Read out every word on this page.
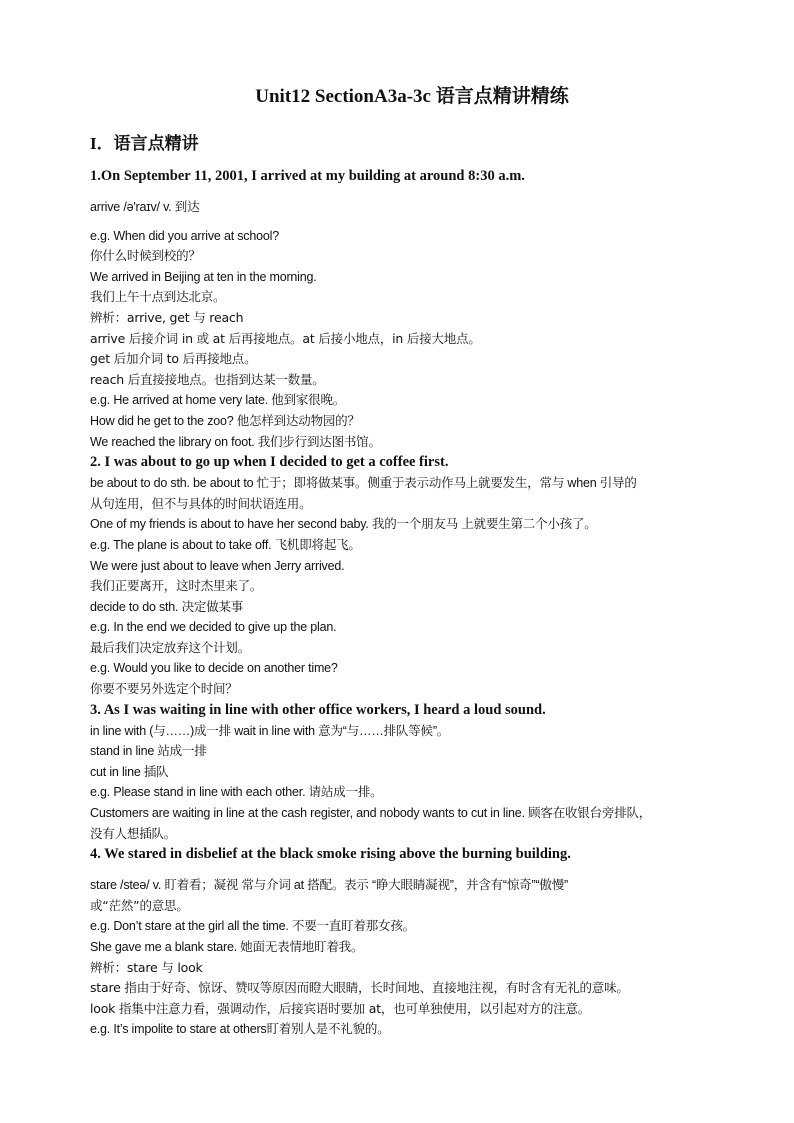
Unit12 SectionA3a-3c 语言点精讲精练
I．语言点精讲

1.On September 11, 2001, I arrived at my building at around 8:30 a.m.

arrive /ə'raɪv/ v. 到达

e.g. When did you arrive at school?

你什么时候到校的？

We arrived in Beijing at ten in the morning.

我们上午十点到达北京。

辨析：arrive, get 与 reach

arrive 后接介词 in 或 at 后再接地点。at 后接小地点，in 后接大地点。

get 后加介词 to 后再接地点。

reach 后直接接地点。也指到达某一数量。

e.g. He arrived at home very late. 他到家很晚。

How did he get to the zoo? 他怎样到达动物园的？

We reached the library on foot. 我们步行到达图书馆。

2. I was about to go up when I decided to get a coffee first.

be about to do sth. be about to 忙于；即将做某事。侧重于表示动作马上就要发生，常与 when 引导的

从句连用，但不与具体的时间状语连用。

One of my friends is about to have her second baby. 我的一个朋友马 上就要生第二个小孩了。

e.g. The plane is about to take off. 飞机即将起飞。

We were just about to leave when Jerry arrived.

我们正要离开，这时杰里来了。

decide to do sth. 决定做某事

e.g. In the end we decided to give up the plan.

最后我们决定放弃这个计划。

e.g. Would you like to decide on another time?

你要不要另外选定个时间？

3. As I was waiting in line with other office workers, I heard a loud sound.

in line with (与……)成一排 wait in line with 意为“与……排队等候”。

stand in line 站成一排

cut in line 插队

e.g. Please stand in line with each other. 请站成一排。

Customers are waiting in line at the cash register, and nobody wants to cut in line. 顾客在收银台旁排队，

没有人想插队。

4. We stared in disbelief at the black smoke rising above the burning building.

stare /steə/ v. 盯着看；凝视 常与介词 at 搭配。表示 “睁大眼睛凝视”，并含有“惊奇”“傲慢”

或“茫然”的意思。

e.g. Don’t stare at the girl all the time. 不要一直盯着那女孩。

She gave me a blank stare. 她面无表情地盯着我。

辨析：stare 与 look

stare 指由于好奇、惊讶、赞叹等原因而瞪大眼睛，长时间地、直接地注视，有时含有无礼的意味。

look 指集中注意力看，强调动作，后接宾语时要加 at，也可单独使用，以引起对方的注意。

e.g. It’s impolite to stare at others盯着别人是不礼貌的。
